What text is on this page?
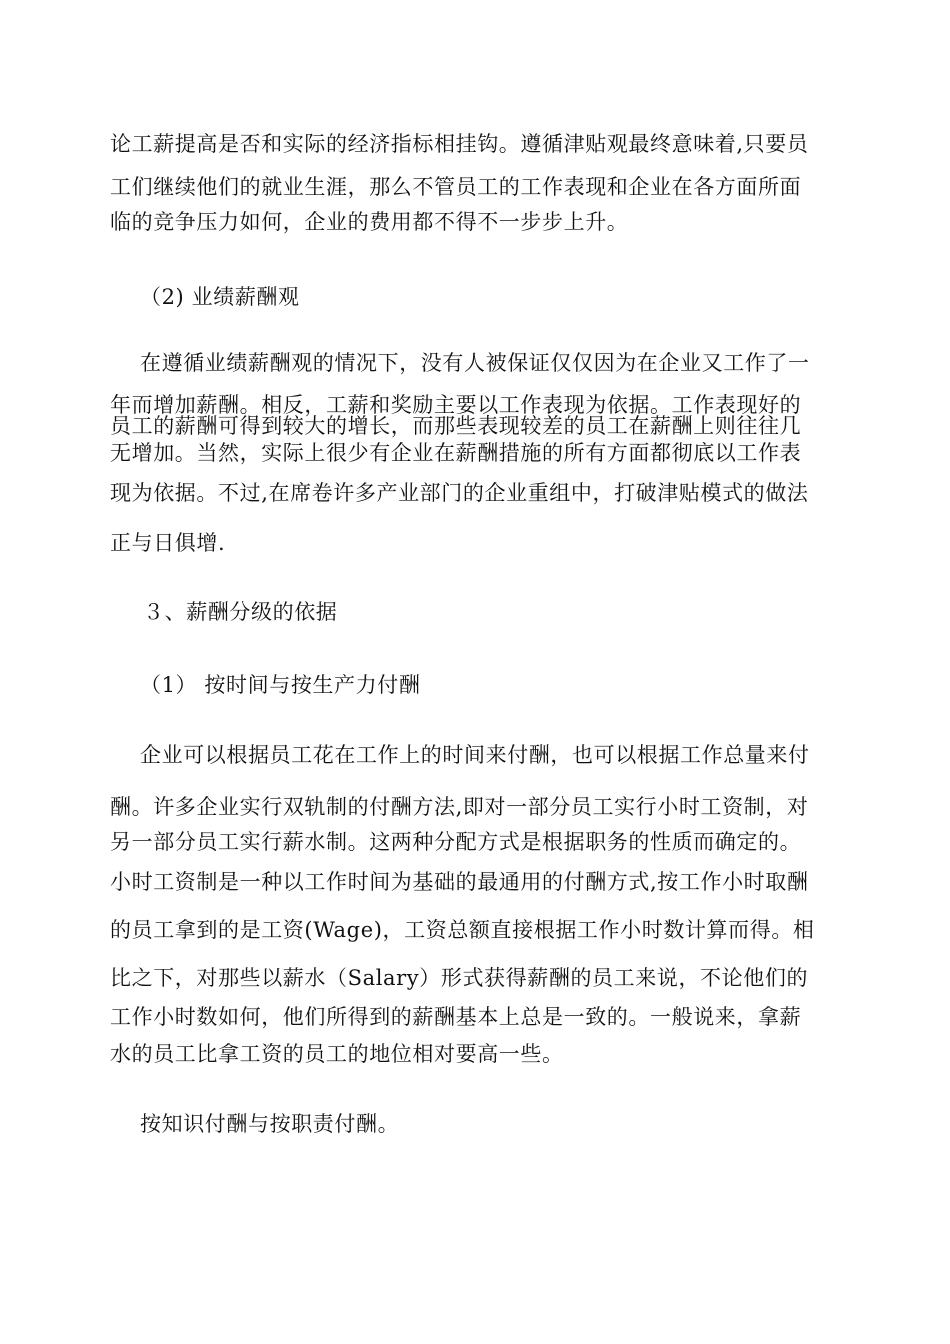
论工薪提高是否和实际的经济指标相挂钩。遵循津贴观最终意味着,只要员
工们继续他们的就业生涯，那么不管员工的工作表现和企业在各方面所面
临的竞争压力如何，企业的费用都不得不一步步上升。
（2) 业绩薪酬观
在遵循业绩薪酬观的情况下，没有人被保证仅仅因为在企业又工作了一
年而增加薪酬。相反，工薪和奖励主要以工作表现为依据。工作表现好的
员工的薪酬可得到较大的增长，而那些表现较差的员工在薪酬上则往往几
无增加。当然，实际上很少有企业在薪酬措施的所有方面都彻底以工作表
现为依据。不过,在席卷许多产业部门的企业重组中，打破津贴模式的做法
正与日俱增.
３、薪酬分级的依据
（1） 按时间与按生产力付酬
企业可以根据员工花在工作上的时间来付酬，也可以根据工作总量来付
酬。许多企业实行双轨制的付酬方法,即对一部分员工实行小时工资制，对
另一部分员工实行薪水制。这两种分配方式是根据职务的性质而确定的。
小时工资制是一种以工作时间为基础的最通用的付酬方式,按工作小时取酬
的员工拿到的是工资(Wage)，工资总额直接根据工作小时数计算而得。相
比之下，对那些以薪水（Salary）形式获得薪酬的员工来说，不论他们的
工作小时数如何，他们所得到的薪酬基本上总是一致的。一般说来，拿薪
水的员工比拿工资的员工的地位相对要高一些。
按知识付酬与按职责付酬。
